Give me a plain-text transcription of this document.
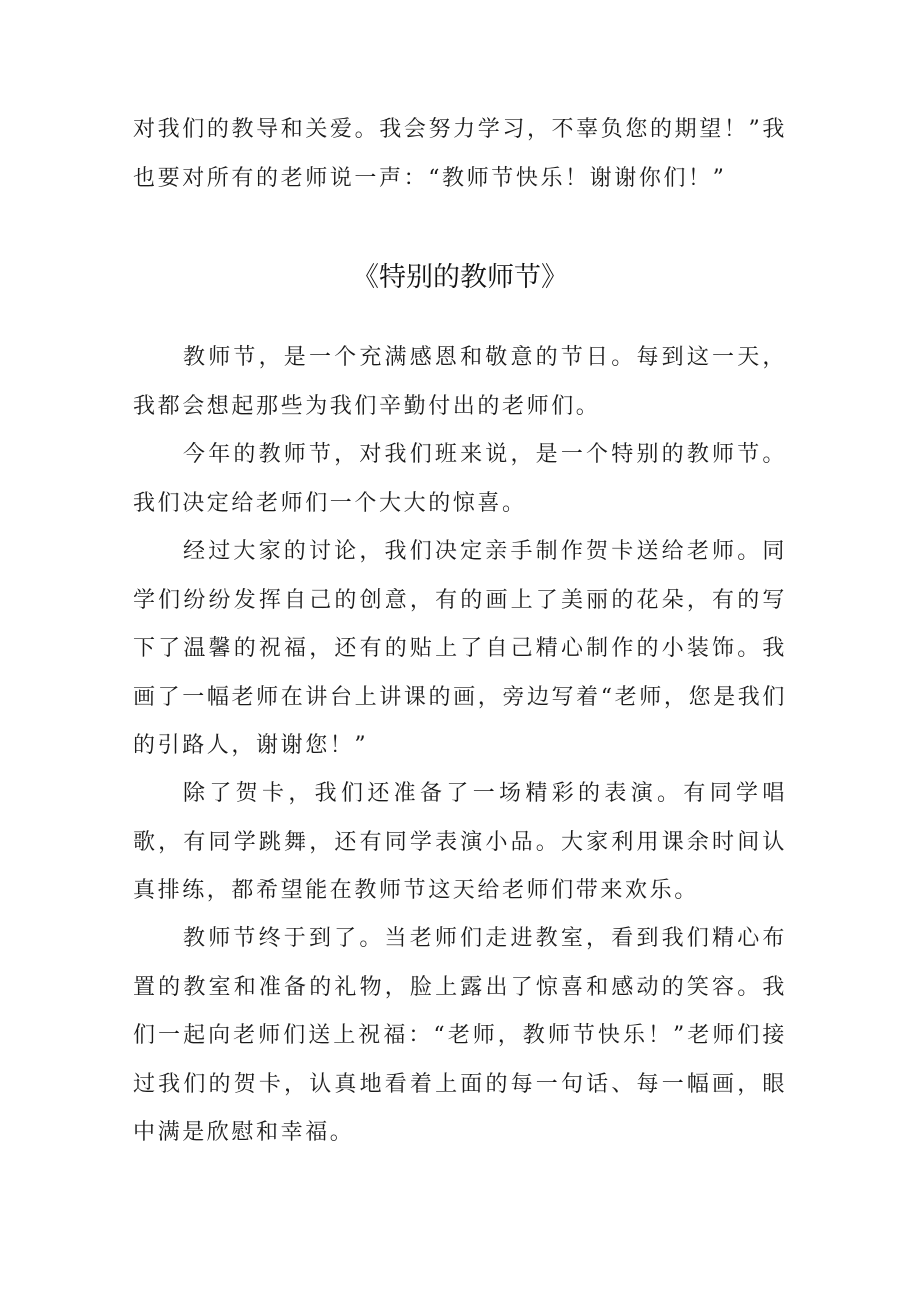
对我们的教导和关爱。我会努力学习，不辜负您的期望！”我也要对所有的老师说一声：“教师节快乐！谢谢你们！”

《特别的教师节》

教师节，是一个充满感恩和敬意的节日。每到这一天，我都会想起那些为我们辛勤付出的老师们。

今年的教师节，对我们班来说，是一个特别的教师节。我们决定给老师们一个大大的惊喜。

经过大家的讨论，我们决定亲手制作贺卡送给老师。同学们纷纷发挥自己的创意，有的画上了美丽的花朵，有的写下了温馨的祝福，还有的贴上了自己精心制作的小装饰。我画了一幅老师在讲台上讲课的画，旁边写着“老师，您是我们的引路人，谢谢您！”

除了贺卡，我们还准备了一场精彩的表演。有同学唱歌，有同学跳舞，还有同学表演小品。大家利用课余时间认真排练，都希望能在教师节这天给老师们带来欢乐。

教师节终于到了。当老师们走进教室，看到我们精心布置的教室和准备的礼物，脸上露出了惊喜和感动的笑容。我们一起向老师们送上祝福：“老师，教师节快乐！”老师们接过我们的贺卡，认真地看着上面的每一句话、每一幅画，眼中满是欣慰和幸福。
